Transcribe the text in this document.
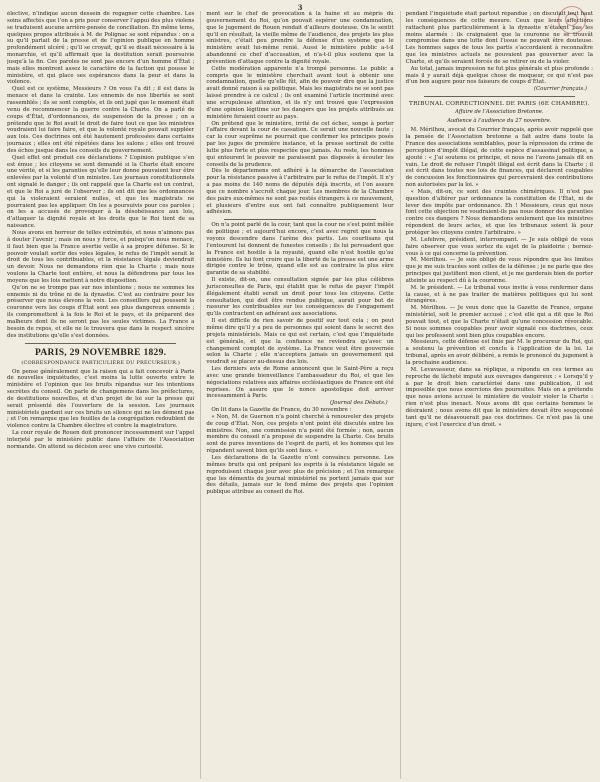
3

élective, n’indique aucun dessein de regagner cette chambre. Les soins affectés que l’on a pris pour conserver l’appui des plus violens se traduisent aucune arrière-pensée de conciliation. En même tems, quelques propos attribués à M. de Polignac se sont répandus : on a su qu’il parlait de la presse et de l’opinion publique en homme profondément ulcéré ; qu’il se croyait, qu’il se disait nécessaire à la monarchie, et qu’il affirmait que la destitution serait poursuivie jusqu’à la fin. Ces paroles ne sont pas encore d’un homme d’État ; mais elles montrent assez le caractère de la faction qui pousse le ministère, et qui place ses espérances dans la peur et dans la violence.

Quel est ce système, Messieurs ? On vous l’a dit ; il est dans la menace et dans la crainte. Les ennemis de nos libertés se sont rassemblés ; ils se sont comptés, et ils ont jugé que le moment était venu de recommencer la guerre contre la Charte. On a parlé de coups d’État, d’ordonnances, de suspension de la presse ; on a prétendu que le Roi avait le droit de faire tout ce que les ministres voudraient lui faire faire, et que la volonté royale pouvait suppléer aux lois. Ces doctrines ont été hautement professées dans certains journaux ; elles ont été répétées dans les salons ; elles ont trouvé des échos jusque dans les conseils du gouvernement.

Quel effet ont produit ces déclarations ? L’opinion publique s’en est émue ; les citoyens se sont demandé si la Charte était encore une vérité, et si les garanties qu’elle leur donne pouvaient leur être enlevées par la volonté d’un ministre. Les journaux constitutionnels ont signalé le danger ; ils ont rappelé que la Charte est un contrat, et que le Roi a juré de l’observer ; ils ont dit que les ordonnances qui la violeraient seraient nulles, et que les magistrats ne pourraient pas les appliquer. On les a poursuivis pour ces paroles ; on les a accusés de provoquer à la désobéissance aux lois, d’attaquer la dignité royale et les droits que le Roi tient de sa naissance.

Nous avons en horreur de telles extrémités, et nous n’aimons pas à douter l’avenir ; mais on nous y force, et puisqu’on nous menace, il faut bien que la France avertie veille à sa propre défense. Si le pouvoir voulait sortir des voies légales, le refus de l’impôt serait le droit de tous les contribuables, et la résistance légale deviendrait un devoir. Nous ne demandons rien que la Charte ; mais nous voulons la Charte tout entière, et nous la défendrons par tous les moyens que les lois mettent à notre disposition.

Qu’on ne se trompe pas sur nos intentions ; nous ne sommes les ennemis ni du trône ni de la dynastie. C’est au contraire pour les préserver que nous élevons la voix. Les conseillers qui poussent la couronne vers les coups d’État sont ses plus dangereux ennemis ; ils compromettent à la fois le Roi et le pays, et ils préparent des malheurs dont ils ne seront pas les seules victimes. La France a besoin de repos, et elle ne le trouvera que dans le respect sincère des institutions qu’elle s’est données.

PARIS, 29 NOVEMBRE 1829.
(CORRESPONDANCE PARTICULIÈRE DU PRÉCURSEUR.)

On pense généralement que la raison qui a fait concevoir à Paris de nouvelles inquiétudes, c’est moins la lutte ouverte entre le ministère et l’opinion que les bruits répandus sur les intentions secrètes du conseil. On parle de changemens dans les préfectures, de destitutions nouvelles, et d’un projet de loi sur la presse qui serait présenté dès l’ouverture de la session. Les journaux ministériels gardent sur ces bruits un silence qui ne les dément pas ; et l’on remarque que les feuilles de la congrégation redoublent de violence contre la Chambre élective et contre la magistrature.

La cour royale de Rouen doit prononcer incessamment sur l’appel interjeté par le ministère public dans l’affaire de l’Association normande. On attend sa décision avec une vive curiosité.

ment sur le chef de provocation à la haine et au mépris du gouvernement du Roi, qu’on pouvait espérer une condamnation, que le jugement de Rouen rendait d’ailleurs douteuse. On le sentit qu’il en résultait, la vieille même de l’audience, des projets les plus sinistres, c’était peu prendre la défense d’un système que le ministère avait lui-même renié. Aussi le ministère public a-t-il abandonné ce chef d’accusation, et n’a-t-il plus soutenu que la prévention d’attaque contre la dignité royale.

Cette modération apparente n’a trompé personne. Le public a compris que le ministère cherchait avant tout à obtenir une condamnation, quelle qu’elle fût, afin de pouvoir dire que la justice avait donné raison à sa politique. Mais les magistrats ne se sont pas laissé prendre à ce calcul ; ils ont examiné l’article incriminé avec une scrupuleuse attention, et ils n’y ont trouvé que l’expression d’une opinion légitime sur les dangers que les projets attribués au ministère feraient courir au pays.

On prétend que le ministère, irrité de cet échec, songe à porter l’affaire devant la cour de cassation. Ce serait une nouvelle faute ; car la cour suprême ne pourrait que confirmer les principes posés par les juges de première instance, et la presse sortirait de cette lutte plus forte et plus respectée que jamais. Au reste, les hommes qui entourent le pouvoir ne paraissent pas disposés à écouter les conseils de la prudence.

Dès le départemens ont adhéré à la démarche de l’association pour la résistance passive à l’arbitraire par le refus de l’impôt. Il n’y a pas moins de 140 noms de députés déjà inscrits, et l’on assure que ce nombre s’accroît chaque jour. Les membres de la Chambre des pairs eux-mêmes ne sont pas restés étrangers à ce mouvement, et plusieurs d’entre eux ont fait connaître publiquement leur adhésion.

On n’a point parlé de la cour, tant que la cour ne s’est point mêlée de politique ; et aujourd’hui encore, c’est avec regret que nous la voyons descendre dans l’arène des partis. Les courtisans qui l’entourent lui donnent de funestes conseils ; ils lui persuadent que la France est hostile à la royauté, quand elle n’est hostile qu’au ministère. Ils lui font croire que la liberté de la presse est une arme dirigée contre le trône, quand elle est au contraire la plus sûre garantie de sa stabilité.

Il existe, dit-on, une consultation signée par les plus célèbres jurisconsultes de Paris, qui établit que le refus de payer l’impôt illégalement établi serait un droit pour tous les citoyens. Cette consultation, qui doit être rendue publique, aurait pour but de rassurer les contribuables sur les conséquences de l’engagement qu’ils contractent en adhérant aux associations.

Il est difficile de rien savoir de positif sur tout cela ; on peut même dire qu’il y a peu de personnes qui soient dans le secret des projets ministériels. Mais ce qui est certain, c’est que l’inquiétude est générale, et que la confiance ne reviendra qu’avec un changement complet de système. La France veut être gouvernée selon la Charte ; elle n’acceptera jamais un gouvernement qui voudrait se placer au-dessus des lois.

Les derniers avis de Rome annoncent que le Saint-Père a reçu avec une grande bienveillance l’ambassadeur du Roi, et que les négociations relatives aux affaires ecclésiastiques de France ont été reprises. On assure que le nonce apostolique doit arriver incessamment à Paris.

(Journal des Débats.)

On lit dans la Gazette de France, du 30 novembre :

« Non, M. de Guernon n’a point cherché à renouveler des projets de coup d’État. Non, ces projets n’ont point été discutés entre les ministres. Non, une commission n’a point été formée ; non, aucun membre du conseil n’a proposé de suspendre la Charte. Ces bruits sont de pures inventions de l’esprit de parti, et les hommes qui les répandent savent bien qu’ils sont faux. »

Les déclarations de la Gazette n’ont convaincu personne. Les mêmes bruits qui ont préparé les esprits à la résistance légale se reproduisent chaque jour avec plus de précision ; et l’on remarque que les démentis du journal ministériel ne portent jamais que sur des détails, jamais sur le fond même des projets que l’opinion publique attribue au conseil du Roi.

pendant l’inquiétude était partout répandue ; on discutait tout haut les conséquences de cette mesure. Ceux que leurs affections rattachent plus particulièrement à la dynastie n’étaient pas les moins alarmés : ils craignaient que la couronne ne se trouvât compromise dans une lutte dont l’issue ne pouvait être douteuse. Les hommes sages de tous les partis s’accordaient à reconnaître que les ministres actuels ne pouvaient pas gouverner avec la Charte, et qu’ils seraient forcés de se retirer ou de la violer.

Au total, jamais impression ne fut plus générale et plus profonde : mais il y aurait déjà quelque chose de moqueur, ce qui n’est pas d’un bon augure pour nos faiseurs de coups d’État.

(Courrier français.)
TRIBUNAL CORRECTIONNEL DE PARIS (6E CHAMBRE).
Affaire de l’Association Bretonne.
Audience à l’audience du 27 novembre.

M. Mérilhou, avocat du Courrier français, après avoir rappelé que la pensée de l’Association bretonne a fait autre dans toute la France des associations semblables, pour la répression du crime de perception d’impôt illégal, de cette espèce d’assassinat politique, a ajouté : « J’ai soutenu ce principe, et nous ne l’avons jamais dit en vain. Le droit de refuser l’impôt illégal est écrit dans la Charte ; il est écrit dans toutes nos lois de finances, qui déclarent coupables de concussion les fonctionnaires qui percevraient des contributions non autorisées par la loi. »

« Mais, dit-on, ce sont des craintes chimériques. Il n’est pas question d’altérer par ordonnance la constitution de l’État, ni de lever des impôts par ordonnance. Eh ! Messieurs, ceux qui nous font cette objection ne voudraient-ils pas nous donner des garanties contre ces dangers ? Nous demandons seulement que les ministres répondent de leurs actes, et que les tribunaux soient là pour protéger les citoyens contre l’arbitraire. »

M. Lefebvre, président, interrompant. — Je suis obligé de vous faire observer que vous sortez du sujet de la plaidoirie ; bornez-vous à ce qui concerne la prévention.

M. Mérilhou. — Je suis obligé de vous répondre que les limites que je me suis tracées sont celles de la défense ; je ne parle que des principes qui justifient mon client, et je me garderais bien de porter atteinte au respect dû à la couronne.

M. le président. — Le tribunal vous invite à vous renfermer dans la cause, et à ne pas traiter de matières politiques qui lui sont étrangères.

M. Mérilhou. — Je veux donc que la Gazette de France, organe ministériel, soit le premier accusé ; c’est elle qui a dit que le Roi pouvait tout, et que la Charte n’était qu’une concession révocable. Si nous sommes coupables pour avoir signalé ces doctrines, ceux qui les professent sont bien plus coupables encore.

Messieurs, cette défense est finie par M. le procureur du Roi, qui a soutenu la prévention et conclu à l’application de la loi. Le tribunal, après en avoir délibéré, a remis le prononcé du jugement à la prochaine audience.

M. Levavasseur, dans sa réplique, a répondu en ces termes au reproche de lâcheté imputé aux ouvrages dangereux : « Lorsqu’il y a par le droit bien caractérisé dans une publication, il est impossible que nous exercions des poursuites. Mais on a prétendu que nous avions accusé le ministère de vouloir violer la Charte : rien n’est plus inexact. Nous avons dit que certains hommes le désiraient ; nous avons dit que le ministère devait être soupçonné tant qu’il ne désavouerait pas ces doctrines. Ce n’est pas là une injure, c’est l’exercice d’un droit. »
